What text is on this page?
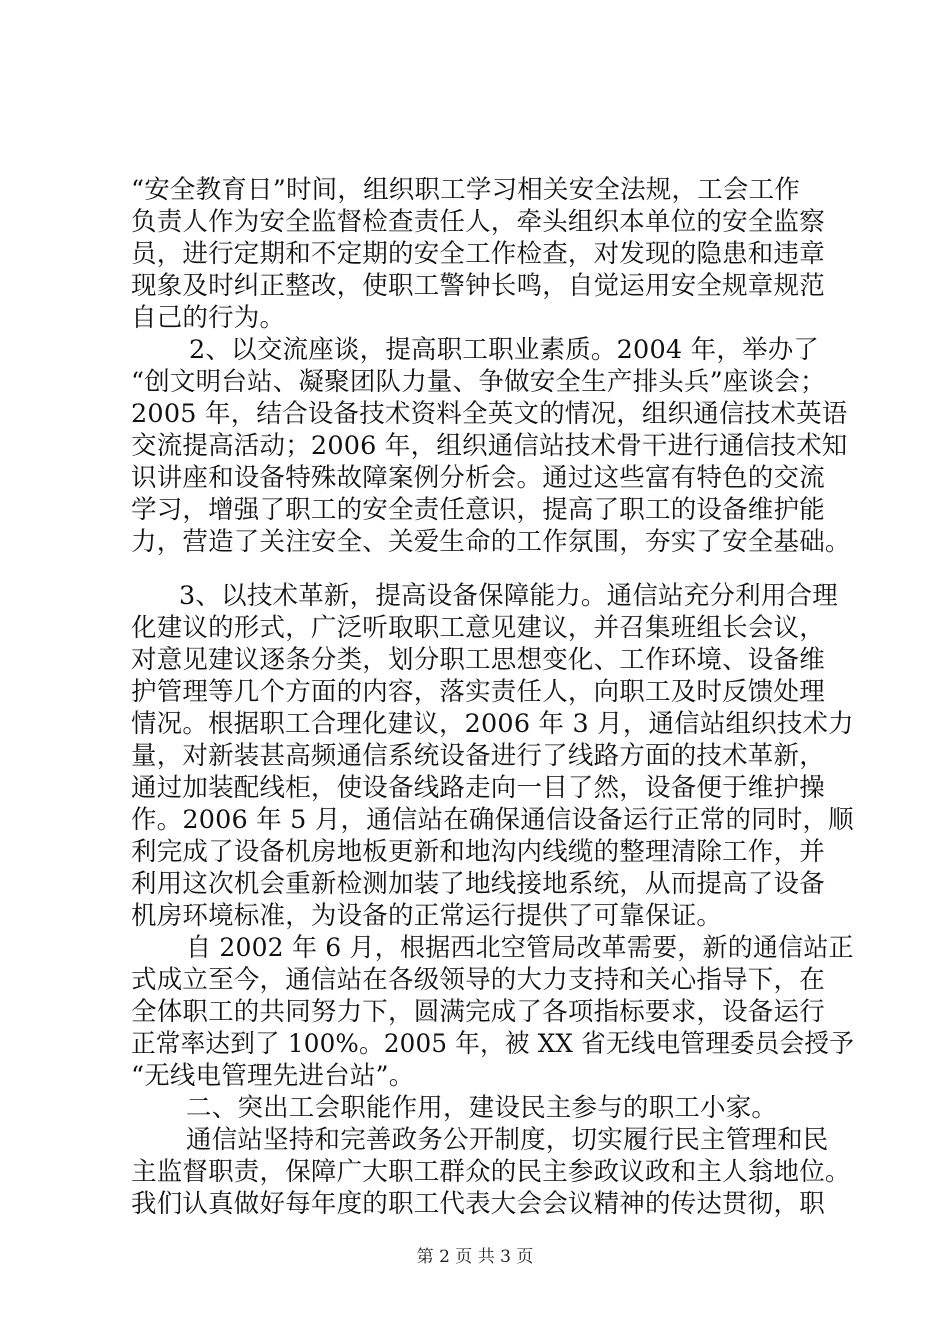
“安全教育日”时间，组织职工学习相关安全法规，工会工作
负责人作为安全监督检查责任人，牵头组织本单位的安全监察
员，进行定期和不定期的安全工作检查，对发现的隐患和违章
现象及时纠正整改，使职工警钟长鸣，自觉运用安全规章规范
自己的行为。
2、以交流座谈，提高职工职业素质。2004 年，举办了
“创文明台站、凝聚团队力量、争做安全生产排头兵”座谈会；
2005 年，结合设备技术资料全英文的情况，组织通信技术英语
交流提高活动；2006 年，组织通信站技术骨干进行通信技术知
识讲座和设备特殊故障案例分析会。通过这些富有特色的交流
学习，增强了职工的安全责任意识，提高了职工的设备维护能
力，营造了关注安全、关爱生命的工作氛围，夯实了安全基础。
3、以技术革新，提高设备保障能力。通信站充分利用合理
化建议的形式，广泛听取职工意见建议，并召集班组长会议，
对意见建议逐条分类，划分职工思想变化、工作环境、设备维
护管理等几个方面的内容，落实责任人，向职工及时反馈处理
情况。根据职工合理化建议，2006 年 3 月，通信站组织技术力
量，对新装甚高频通信系统设备进行了线路方面的技术革新，
通过加装配线柜，使设备线路走向一目了然，设备便于维护操
作。2006 年 5 月，通信站在确保通信设备运行正常的同时，顺
利完成了设备机房地板更新和地沟内线缆的整理清除工作，并
利用这次机会重新检测加装了地线接地系统，从而提高了设备
机房环境标准，为设备的正常运行提供了可靠保证。
自 2002 年 6 月，根据西北空管局改革需要，新的通信站正
式成立至今，通信站在各级领导的大力支持和关心指导下，在
全体职工的共同努力下，圆满完成了各项指标要求，设备运行
正常率达到了 100%。2005 年，被 XX 省无线电管理委员会授予
“无线电管理先进台站”。
二、突出工会职能作用，建设民主参与的职工小家。
通信站坚持和完善政务公开制度，切实履行民主管理和民
主监督职责，保障广大职工群众的民主参政议政和主人翁地位。
我们认真做好每年度的职工代表大会会议精神的传达贯彻，职
第 2 页 共 3 页
